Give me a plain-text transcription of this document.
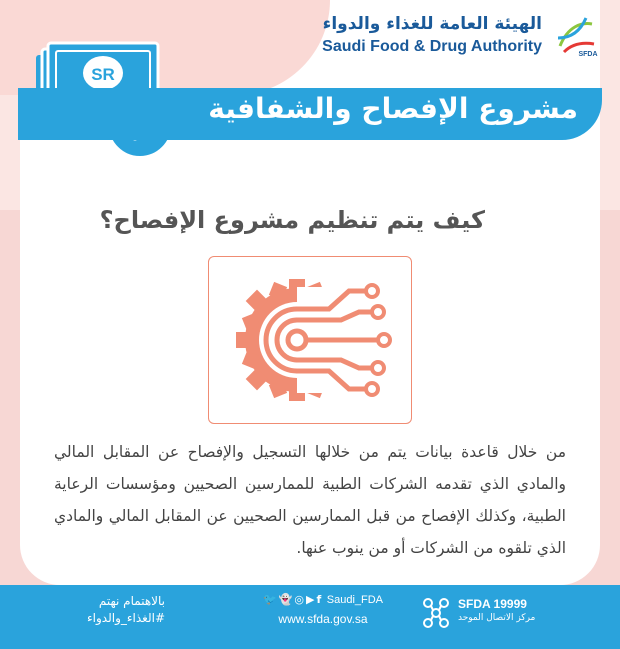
SR
الهيئة العامة للغذاء والدواء
Saudi Food & Drug Authority	SFDA
مشروع الإفصاح والشفافية
كيف يتم تنظيم مشروع الإفصاح؟
من خلال قاعدة بيانات يتم من خلالها التسجيل والإفصاح عن المقابل المالي والمادي الذي تقدمه الشركات الطبية للممارسين الصحيين ومؤسسات الرعاية الطبية، وكذلك الإفصاح من قبل الممارسين الصحيين عن المقابل المالي والمادي الذي تلقوه من الشركات أو من ينوب عنها.
بالاهتمام نهتم
#الغذاء_والدواء
🐦 👻 ◎ ▶ f Saudi_FDA
www.sfda.gov.sa
SFDA 19999
مركز الاتصال الموحد
